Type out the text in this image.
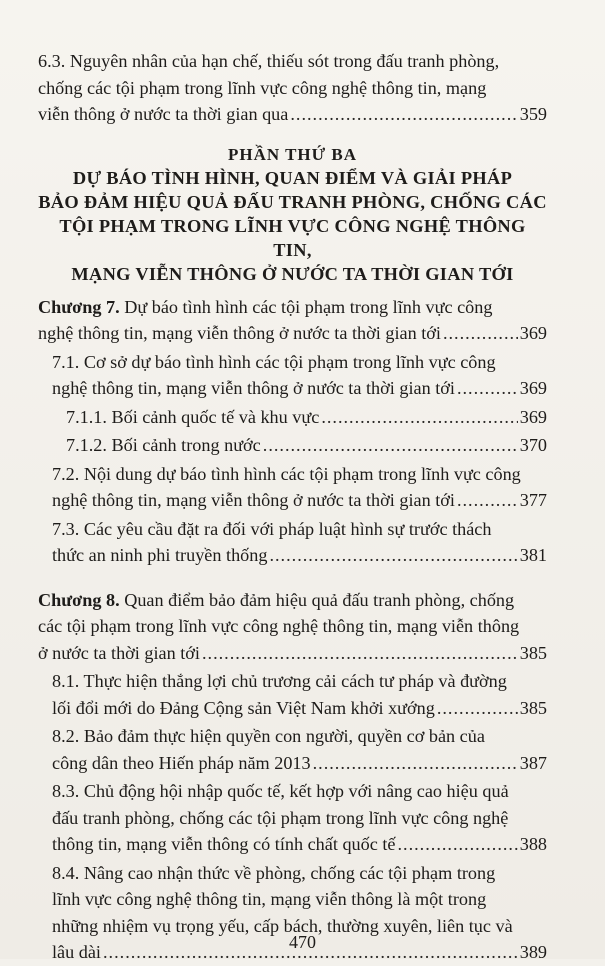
6.3. Nguyên nhân của hạn chế, thiếu sót trong đấu tranh phòng,
chống các tội phạm trong lĩnh vực công nghệ thông tin, mạng
viễn thông ở nước ta thời gian qua .....	359
PHẦN THỨ BA
DỰ BÁO TÌNH HÌNH, QUAN ĐIỂM VÀ GIẢI PHÁP
BẢO ĐẢM HIỆU QUẢ ĐẤU TRANH PHÒNG, CHỐNG CÁC
TỘI PHẠM TRONG LĨNH VỰC CÔNG NGHỆ THÔNG TIN,
MẠNG VIỄN THÔNG Ở NƯỚC TA THỜI GIAN TỚI
Chương 7. Dự báo tình hình các tội phạm trong lĩnh vực công
nghệ thông tin, mạng viễn thông ở nước ta thời gian tới .....	369
7.1. Cơ sở dự báo tình hình các tội phạm trong lĩnh vực công
nghệ thông tin, mạng viễn thông ở nước ta thời gian tới .....	369
7.1.1. Bối cảnh quốc tế và khu vực .....	369
7.1.2. Bối cảnh trong nước .....	370
7.2. Nội dung dự báo tình hình các tội phạm trong lĩnh vực công
nghệ thông tin, mạng viễn thông ở nước ta thời gian tới .....	377
7.3. Các yêu cầu đặt ra đối với pháp luật hình sự trước thách
thức an ninh phi truyền thống .....	381
Chương 8. Quan điểm bảo đảm hiệu quả đấu tranh phòng, chống
các tội phạm trong lĩnh vực công nghệ thông tin, mạng viễn thông
ở nước ta thời gian tới .....	385
8.1. Thực hiện thắng lợi chủ trương cải cách tư pháp và đường
lối đổi mới do Đảng Cộng sản Việt Nam khởi xướng .....	385
8.2. Bảo đảm thực hiện quyền con người, quyền cơ bản của
công dân theo Hiến pháp năm 2013 .....	387
8.3. Chủ động hội nhập quốc tế, kết hợp với nâng cao hiệu quả
đấu tranh phòng, chống các tội phạm trong lĩnh vực công nghệ
thông tin, mạng viễn thông có tính chất quốc tế .....	388
8.4. Nâng cao nhận thức về phòng, chống các tội phạm trong
lĩnh vực công nghệ thông tin, mạng viễn thông là một trong
những nhiệm vụ trọng yếu, cấp bách, thường xuyên, liên tục và
lâu dài .....	389
470
